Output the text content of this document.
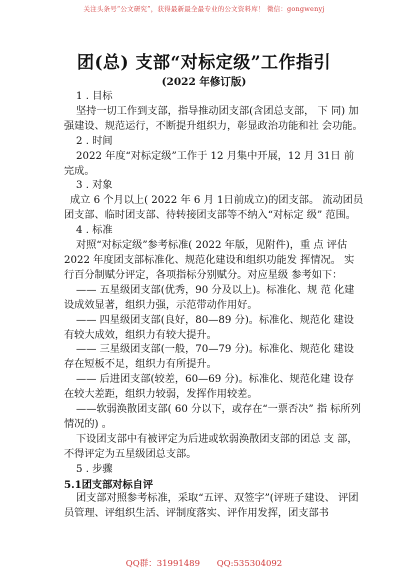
关注头条号“公文研究”，获得最新最全最专业的公文资料库！ 微信：gongwenyj
团(总) 支部“对标定级”工作指引
(2022 年修订版)

1 . 目标

坚持一切工作到支部，指导推动团支部(含团总支部， 下 同) 加强建设、规范运行，不断提升组织力，彰显政治功能和社 会功能。

2 . 时间

2022 年度“对标定级”工作于 12 月集中开展，12 月 31日 前完成。

3 . 对象

成立 6 个月以上( 2022 年 6 月 1日前成立)的团支部。 流动团员团支部、临时团支部、待转接团支部等不纳入“对标定 级” 范围。

4 . 标准

对照“对标定级”参考标准( 2022 年版，见附件)，重 点 评估 2022 年度团支部标准化、规范化建设和组织功能发 挥情况。 实行百分制赋分评定，各项指标分别赋分。对应星级 参考如下：

—— 五星级团支部(优秀，90 分及以上)。标准化、规 范 化建设成效显著，组织力强，示范带动作用好。

—— 四星级团支部(良好，80—89 分)。标准化、规范化 建设有较大成效，组织力有较大提升。

—— 三星级团支部(一般，70—79 分)。标准化、规范化 建设存在短板不足，组织力有所提升。

—— 后进团支部(较差，60—69 分)。标准化、规范化建 设存在较大差距，组织力较弱，发挥作用较差。

——软弱涣散团支部( 60 分以下，或存在“一票否决” 指 标所列情况的) 。

下设团支部中有被评定为后进或软弱涣散团支部的团总 支 部，不得评定为五星级团总支部。

5 . 步骤

5.1团支部对标自评

团支部对照参考标准，采取“五评、双签字”(评班子建设、 评团员管理、评组织生活、评制度落实、评作用发挥，团支部书

QQ群：31991489 QQ:535304092
